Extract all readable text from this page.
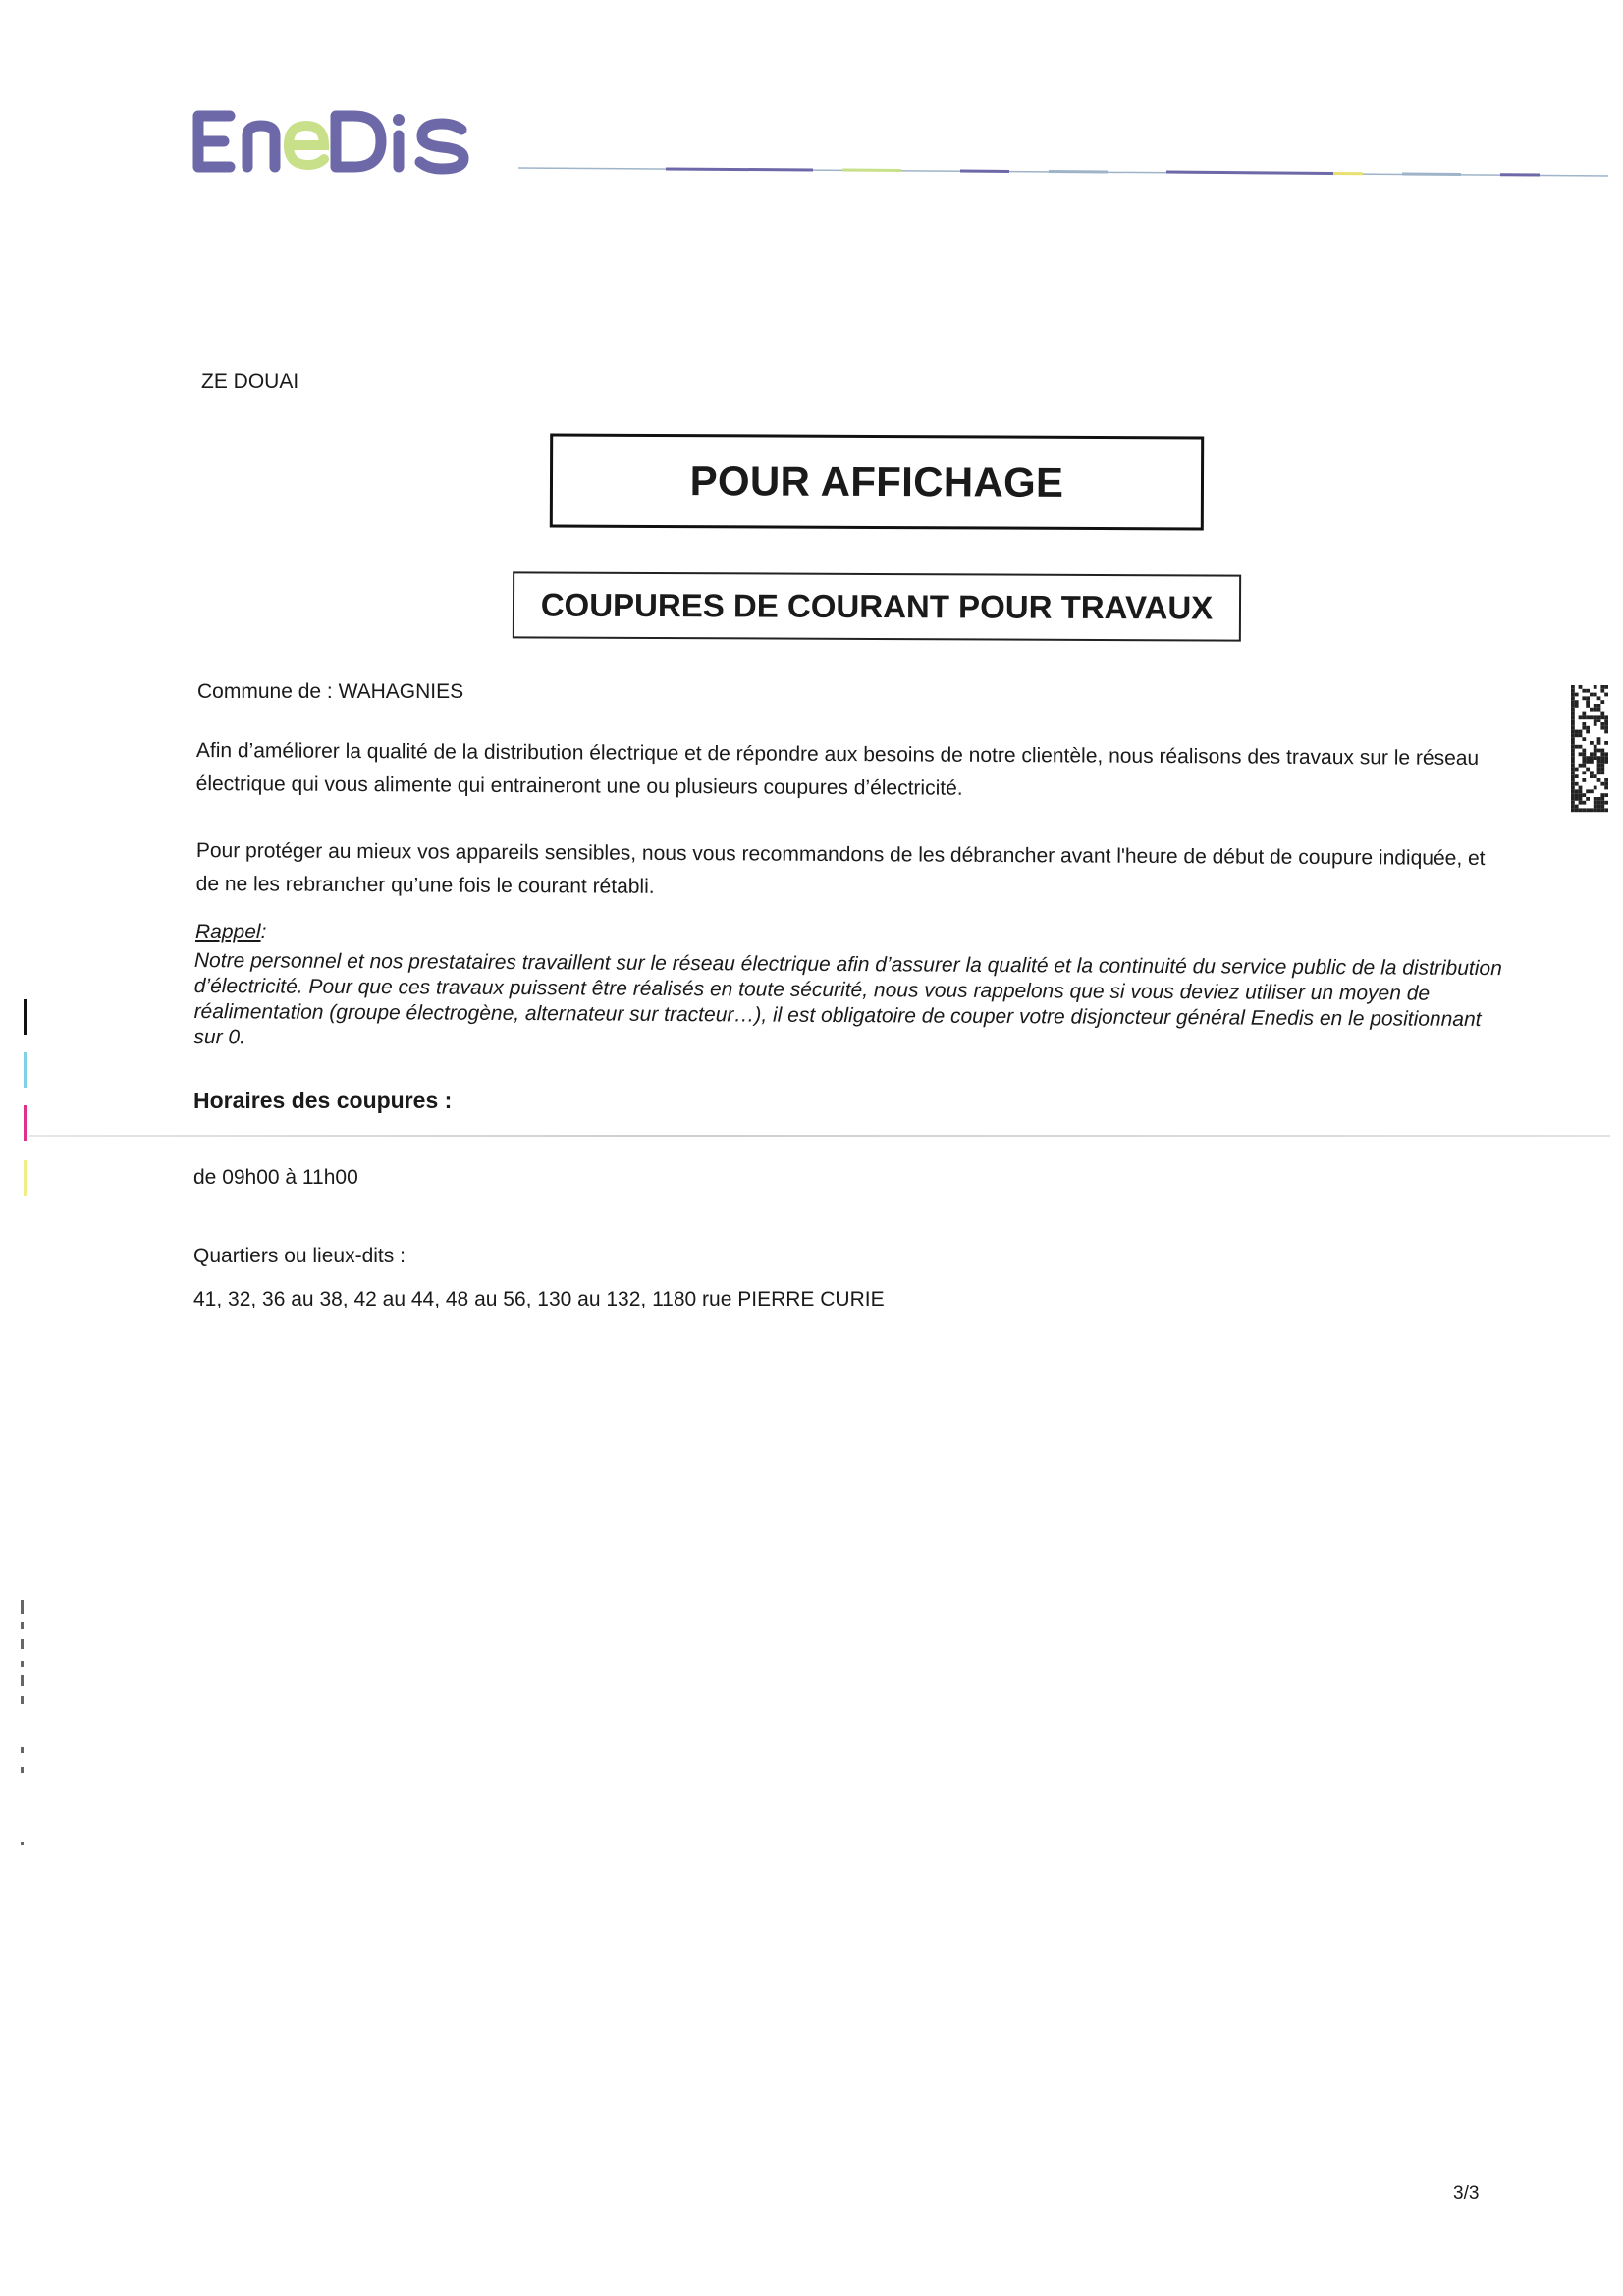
ZE DOUAI
POUR AFFICHAGE
COUPURES DE COURANT POUR TRAVAUX
Commune de : WAHAGNIES
Afin d’améliorer la qualité de la distribution électrique et de répondre aux besoins de notre clientèle, nous réalisons des travaux sur le réseau électrique qui vous alimente qui entraineront une ou plusieurs coupures d’électricité.
Pour protéger au mieux vos appareils sensibles, nous vous recommandons de les débrancher avant l'heure de début de coupure indiquée, et de ne les rebrancher qu’une fois le courant rétabli.
Rappel:
Notre personnel et nos prestataires travaillent sur le réseau électrique afin d’assurer la qualité et la continuité du service public de la distribution d’électricité. Pour que ces travaux puissent être réalisés en toute sécurité, nous vous rappelons que si vous deviez utiliser un moyen de réalimentation (groupe électrogène, alternateur sur tracteur…), il est obligatoire de couper votre disjoncteur général Enedis en le positionnant sur 0.
Horaires des coupures :
de 09h00 à 11h00
Quartiers ou lieux-dits :
41, 32, 36 au 38, 42 au 44, 48 au 56, 130 au 132, 1180 rue PIERRE CURIE
3/3
